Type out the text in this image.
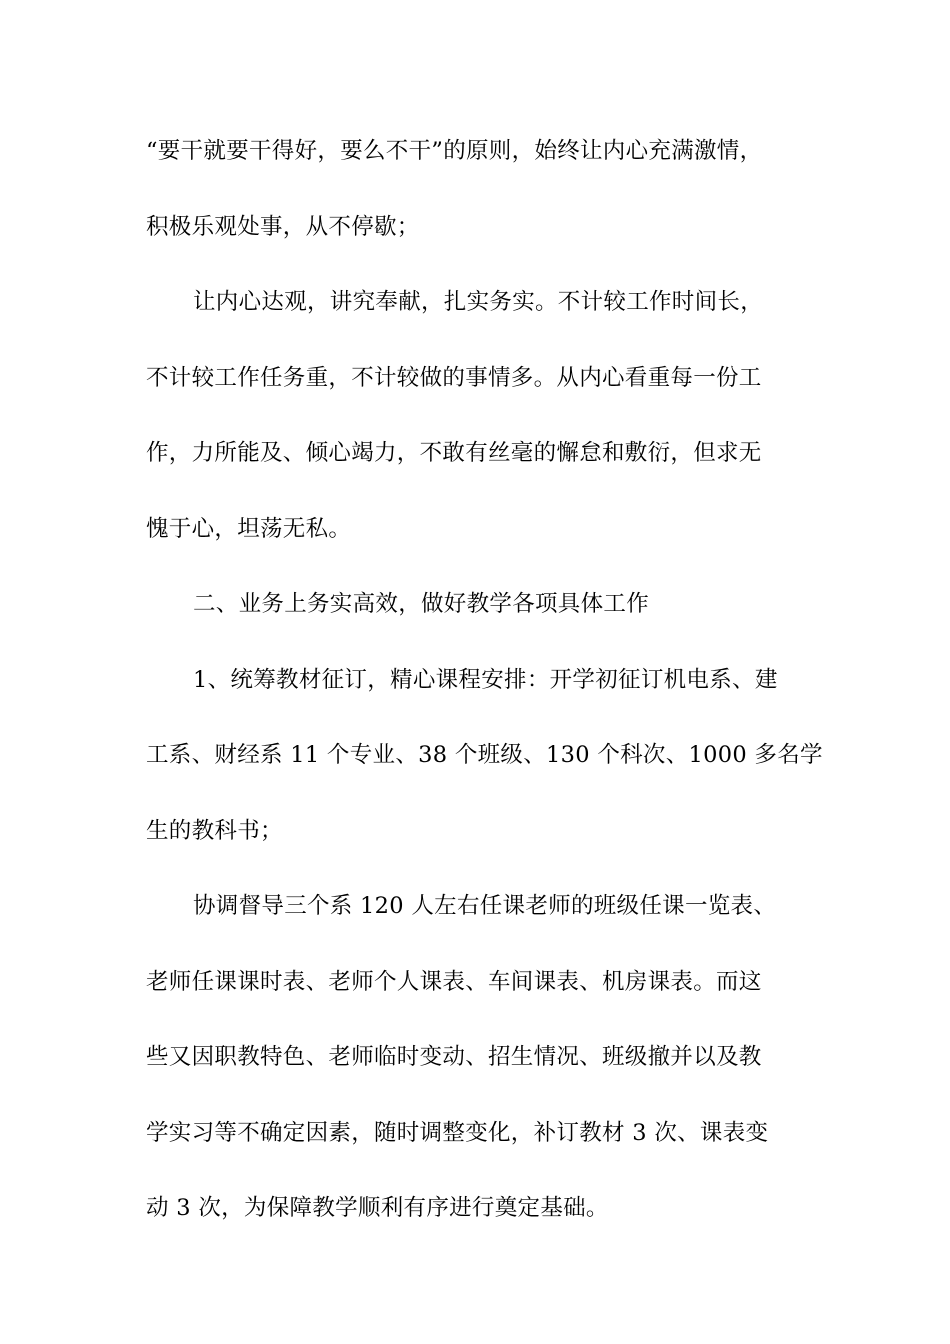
“要干就要干得好，要么不干”的原则，始终让内心充满激情，
积极乐观处事，从不停歇；
让内心达观，讲究奉献，扎实务实。不计较工作时间长，
不计较工作任务重，不计较做的事情多。从内心看重每一份工
作，力所能及、倾心竭力，不敢有丝毫的懈怠和敷衍，但求无
愧于心，坦荡无私。
二、业务上务实高效，做好教学各项具体工作
1、统筹教材征订，精心课程安排：开学初征订机电系、建
工系、财经系 11 个专业、38 个班级、130 个科次、1000 多名学
生的教科书；
协调督导三个系 120 人左右任课老师的班级任课一览表、
老师任课课时表、老师个人课表、车间课表、机房课表。而这
些又因职教特色、老师临时变动、招生情况、班级撤并以及教
学实习等不确定因素，随时调整变化，补订教材 3 次、课表变
动 3 次，为保障教学顺利有序进行奠定基础。
